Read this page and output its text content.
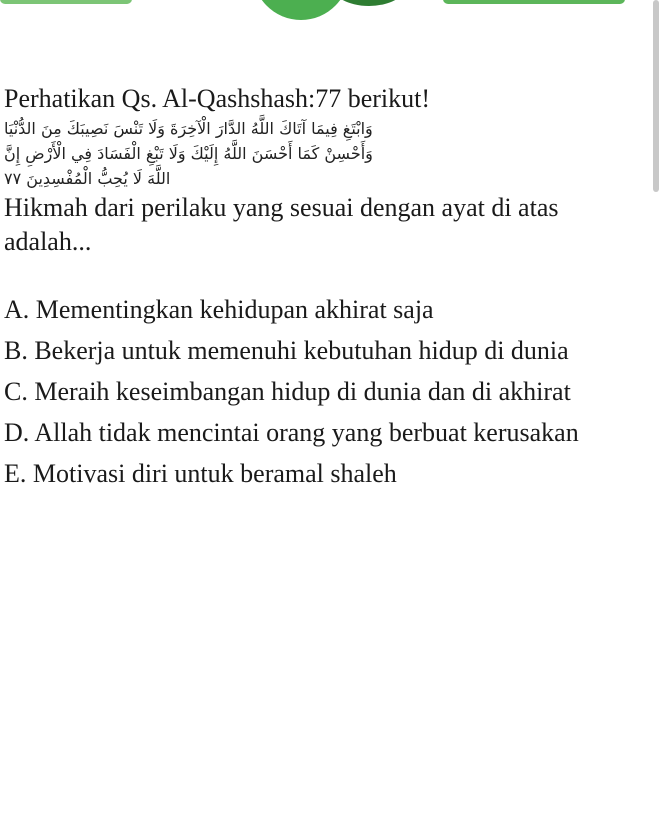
Perhatikan Qs. Al-Qashshash:77 berikut!

وَابْتَغِ فِيمَا آتَاكَ اللَّهُ الدَّارَ الْآخِرَةَ وَلَا تَنْسَ نَصِيبَكَ مِنَ الدُّنْيَا

وَأَحْسِنْ كَمَا أَحْسَنَ اللَّهُ إِلَيْكَ وَلَا تَبْغِ الْفَسَادَ فِي الْأَرْضِ إِنَّ

اللَّهَ لَا يُحِبُّ الْمُفْسِدِينَ ٧٧

Hikmah dari perilaku yang sesuai dengan ayat di atas adalah...

A. Mementingkan kehidupan akhirat saja
B. Bekerja untuk memenuhi kebutuhan hidup di dunia
C. Meraih keseimbangan hidup di dunia dan di akhirat
D. Allah tidak mencintai orang yang berbuat kerusakan
E. Motivasi diri untuk beramal shaleh
